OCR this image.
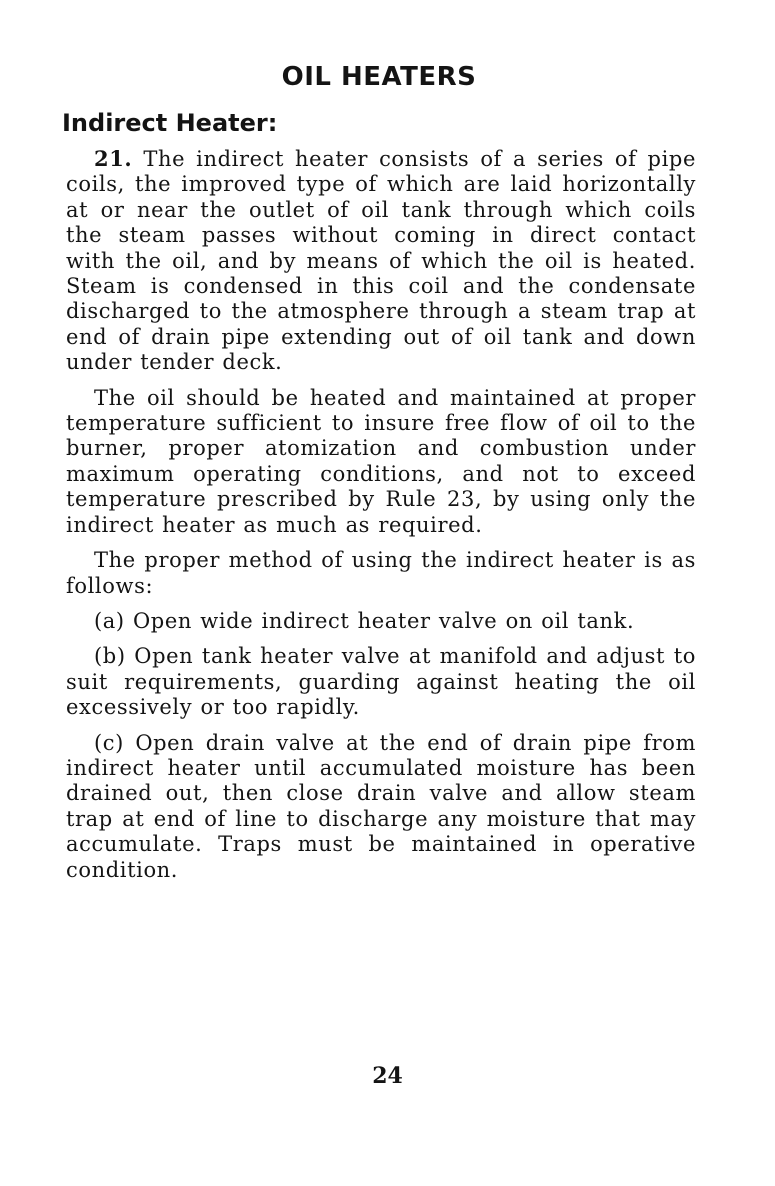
OIL HEATERS
Indirect Heater:

21. The indirect heater consists of a series of pipe coils, the improved type of which are laid horizontally at or near the outlet of oil tank through which coils the steam passes without coming in direct contact with the oil, and by means of which the oil is heated. Steam is condensed in this coil and the condensate discharged to the atmosphere through a steam trap at end of drain pipe extending out of oil tank and down under tender deck.

The oil should be heated and maintained at proper temperature sufficient to insure free flow of oil to the burner, proper atomization and combustion under maximum operating conditions, and not to exceed temperature prescribed by Rule 23, by using only the indirect heater as much as required.

The proper method of using the indirect heater is as follows:

(a) Open wide indirect heater valve on oil tank.

(b) Open tank heater valve at manifold and adjust to suit requirements, guarding against heating the oil excessively or too rapidly.

(c) Open drain valve at the end of drain pipe from indirect heater until accumulated moisture has been drained out, then close drain valve and allow steam trap at end of line to discharge any moisture that may accumulate. Traps must be maintained in operative condition.

24
